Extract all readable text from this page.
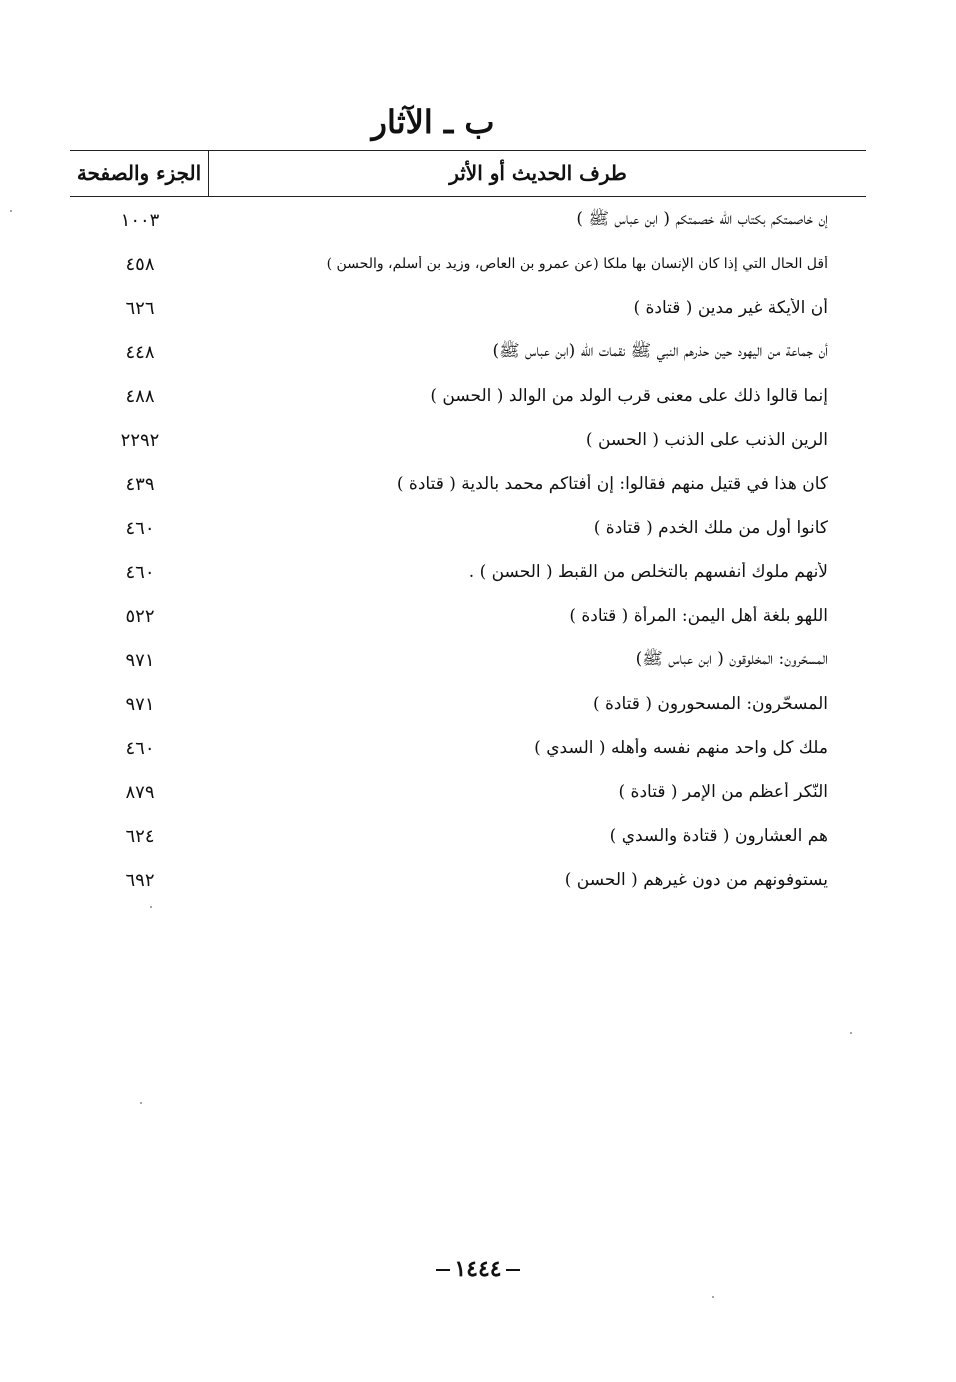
ب ـ الآثار
طرف الحديث أو الأثر
الجزء والصفحة
إن خاصمتكم بكتاب الله خصمتكم ( ابن عباس ﷺ )
١٠٠٣
أقل الحال التي إذا كان الإنسان بها ملكا (عن عمرو بن العاص، وزيد بن أسلم، والحسن )
٤٥٨
أن الأيكة غير مدين ( قتادة )
٦٢٦
أن جماعة من اليهود حين حذرهم النبي ﷺ نقمات الله (ابن عباس ﷺ)
٤٤٨
إنما قالوا ذلك على معنى قرب الولد من الوالد ( الحسن )
٤٨٨
الرين الذنب على الذنب ( الحسن )
٢٢٩٢
كان هذا في قتيل منهم فقالوا: إن أفتاكم محمد بالدية ( قتادة )
٤٣٩
كانوا أول من ملك الخدم ( قتادة )
٤٦٠
لأنهم ملوك أنفسهم بالتخلص من القبط ( الحسن ) .
٤٦٠
اللهو بلغة أهل اليمن: المرأة ( قتادة )
٥٢٢
المسحّرون: المخلوقون ( ابن عباس ﷺ)
٩٧١
المسحّرون: المسحورون ( قتادة )
٩٧١
ملك كل واحد منهم نفسه وأهله ( السدي )
٤٦٠
النّكر أعظم من الإمر ( قتادة )
٨٧٩
هم العشارون ( قتادة والسدي )
٦٢٤
يستوفونهم من دون غيرهم ( الحسن )
٦٩٢
١٤٤٤
